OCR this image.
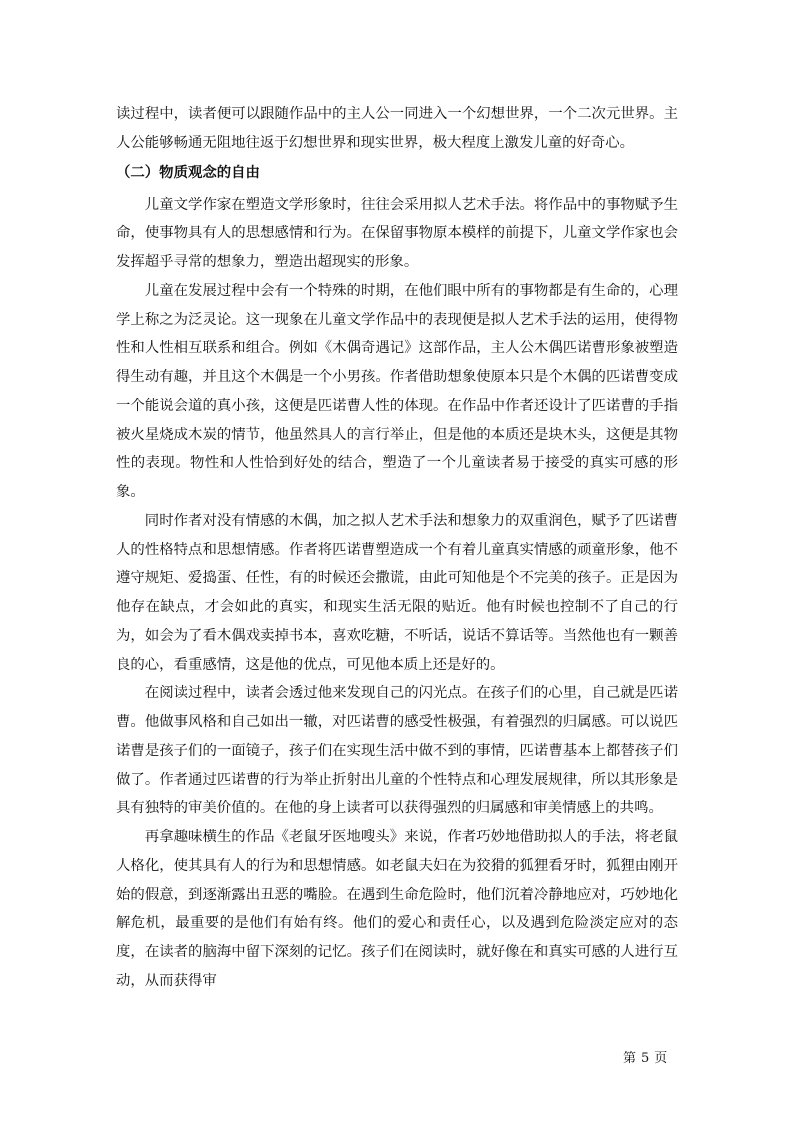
读过程中，读者便可以跟随作品中的主人公一同进入一个幻想世界，一个二次元世界。主人公能够畅通无阻地往返于幻想世界和现实世界，极大程度上激发儿童的好奇心。

（二）物质观念的自由

儿童文学作家在塑造文学形象时，往往会采用拟人艺术手法。将作品中的事物赋予生命，使事物具有人的思想感情和行为。在保留事物原本模样的前提下，儿童文学作家也会发挥超乎寻常的想象力，塑造出超现实的形象。

儿童在发展过程中会有一个特殊的时期，在他们眼中所有的事物都是有生命的，心理学上称之为泛灵论。这一现象在儿童文学作品中的表现便是拟人艺术手法的运用，使得物性和人性相互联系和组合。例如《木偶奇遇记》这部作品，主人公木偶匹诺曹形象被塑造得生动有趣，并且这个木偶是一个小男孩。作者借助想象使原本只是个木偶的匹诺曹变成一个能说会道的真小孩，这便是匹诺曹人性的体现。在作品中作者还设计了匹诺曹的手指被火星烧成木炭的情节，他虽然具人的言行举止，但是他的本质还是块木头，这便是其物性的表现。物性和人性恰到好处的结合，塑造了一个儿童读者易于接受的真实可感的形象。

同时作者对没有情感的木偶，加之拟人艺术手法和想象力的双重润色，赋予了匹诺曹人的性格特点和思想情感。作者将匹诺曹塑造成一个有着儿童真实情感的顽童形象，他不遵守规矩、爱捣蛋、任性，有的时候还会撒谎，由此可知他是个不完美的孩子。正是因为他存在缺点，才会如此的真实，和现实生活无限的贴近。他有时候也控制不了自己的行为，如会为了看木偶戏卖掉书本，喜欢吃糖，不听话，说话不算话等。当然他也有一颗善良的心，看重感情，这是他的优点，可见他本质上还是好的。

在阅读过程中，读者会透过他来发现自己的闪光点。在孩子们的心里，自己就是匹诺曹。他做事风格和自己如出一辙，对匹诺曹的感受性极强，有着强烈的归属感。可以说匹诺曹是孩子们的一面镜子，孩子们在实现生活中做不到的事情，匹诺曹基本上都替孩子们做了。作者通过匹诺曹的行为举止折射出儿童的个性特点和心理发展规律，所以其形象是具有独特的审美价值的。在他的身上读者可以获得强烈的归属感和审美情感上的共鸣。

再拿趣味横生的作品《老鼠牙医地嗖头》来说，作者巧妙地借助拟人的手法，将老鼠人格化，使其具有人的行为和思想情感。如老鼠夫妇在为狡猾的狐狸看牙时，狐狸由刚开始的假意，到逐渐露出丑恶的嘴脸。在遇到生命危险时，他们沉着冷静地应对，巧妙地化解危机，最重要的是他们有始有终。他们的爱心和责任心，以及遇到危险淡定应对的态度，在读者的脑海中留下深刻的记忆。孩子们在阅读时，就好像在和真实可感的人进行互动，从而获得审

第 5 页
